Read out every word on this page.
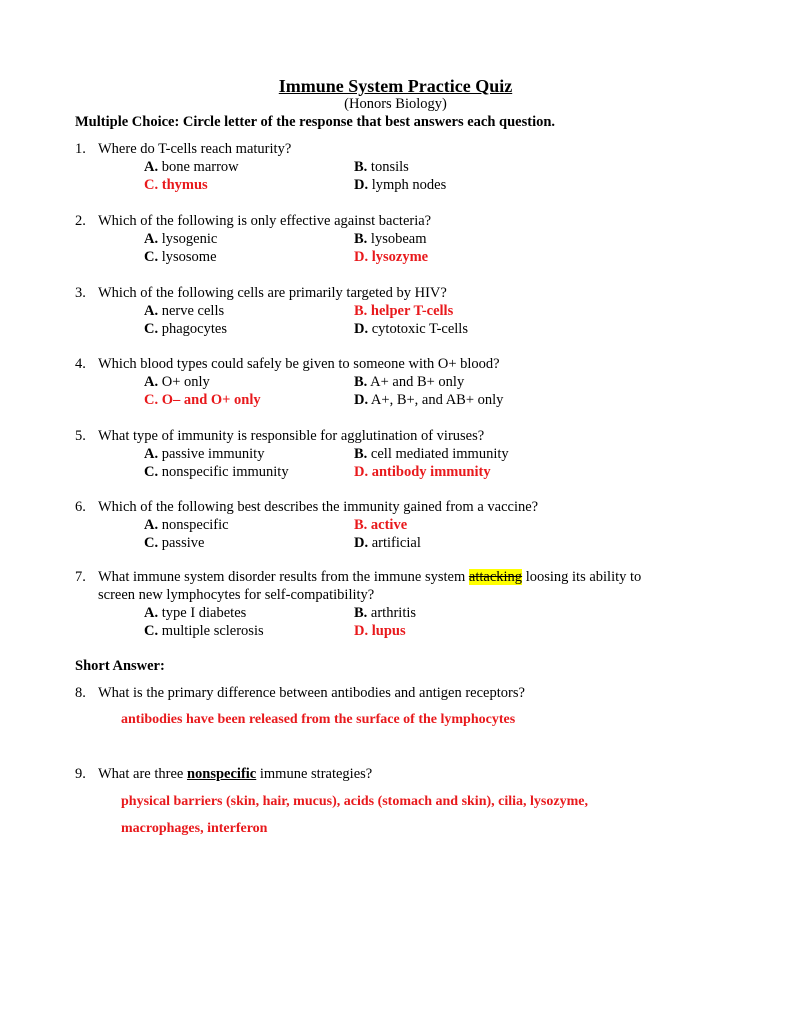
Immune System Practice Quiz
(Honors Biology)
Multiple Choice: Circle letter of the response that best answers each question.
1. Where do T-cells reach maturity?
A. bone marrow	B. tonsils
C. thymus	D. lymph nodes
2. Which of the following is only effective against bacteria?
A. lysogenic	B. lysobeam
C. lysosome	D. lysozyme
3. Which of the following cells are primarily targeted by HIV?
A. nerve cells	B. helper T-cells
C. phagocytes	D. cytotoxic T-cells
4. Which blood types could safely be given to someone with O+ blood?
A. O+ only	B. A+ and B+ only
C. O– and O+ only	D. A+, B+, and AB+ only
5. What type of immunity is responsible for agglutination of viruses?
A. passive immunity	B. cell mediated immunity
C. nonspecific immunity	D. antibody immunity
6. Which of the following best describes the immunity gained from a vaccine?
A. nonspecific	B. active
C. passive	D. artificial
7. What immune system disorder results from the immune system attacking loosing its ability to
screen new lymphocytes for self-compatibility?
A. type I diabetes	B. arthritis
C. multiple sclerosis	D. lupus
Short Answer:
8. What is the primary difference between antibodies and antigen receptors?
antibodies have been released from the surface of the lymphocytes
9. What are three nonspecific immune strategies?
physical barriers (skin, hair, mucus), acids (stomach and skin), cilia, lysozyme,
macrophages, interferon
